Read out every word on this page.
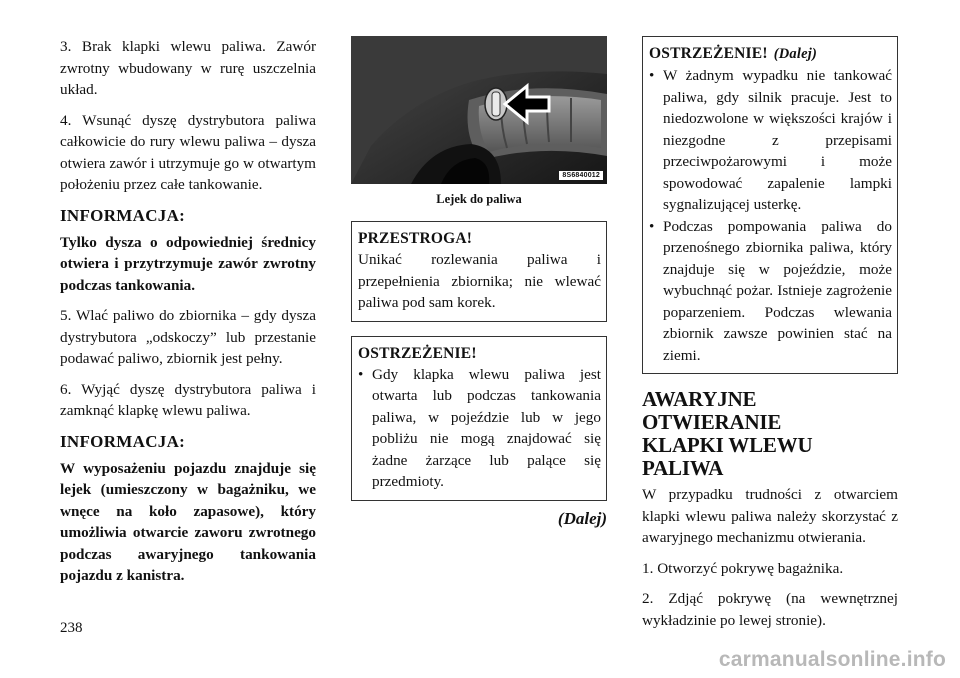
3. Brak klapki wlewu paliwa. Zawór zwrotny wbudowany w rurę uszczelnia układ.

4. Wsunąć dyszę dystrybutora paliwa całkowicie do rury wlewu paliwa – dysza otwiera zawór i utrzymuje go w otwartym położeniu przez całe tankowanie.

INFORMACJA:

Tylko dysza o odpowiedniej średnicy otwiera i przytrzymuje zawór zwrotny podczas tankowania.

5. Wlać paliwo do zbiornika – gdy dysza dystrybutora „odskoczy” lub przestanie podawać paliwo, zbiornik jest pełny.

6. Wyjąć dyszę dystrybutora paliwa i zamknąć klapkę wlewu paliwa.

INFORMACJA:

W wyposażeniu pojazdu znajduje się lejek (umieszczony w bagażniku, we wnęce na koło zapasowe), który umożliwia otwarcie zaworu zwrotnego podczas awaryjnego tankowania pojazdu z kanistra.

8S6840012
Lejek do paliwa
PRZESTROGA!

Unikać rozlewania paliwa i przepełnienia zbiornika; nie wlewać paliwa pod sam korek.

OSTRZEŻENIE!
• Gdy klapka wlewu paliwa jest otwarta lub podczas tankowania paliwa, w pojeździe lub w jego pobliżu nie mogą znajdować się żadne żarzące lub palące się przedmioty.
(Dalej)
OSTRZEŻENIE! (Dalej)
• W żadnym wypadku nie tankować paliwa, gdy silnik pracuje. Jest to niedozwolone w większości krajów i niezgodne z przepisami przeciwpożarowymi i może spowodować zapalenie lampki sygnalizującej usterkę.
• Podczas pompowania paliwa do przenośnego zbiornika paliwa, który znajduje się w pojeździe, może wybuchnąć pożar. Istnieje zagrożenie poparzeniem. Podczas wlewania zbiornik zawsze powinien stać na ziemi.
AWARYJNE OTWIERANIE
KLAPKI WLEWU PALIWA

W przypadku trudności z otwarciem klapki wlewu paliwa należy skorzystać z awaryjnego mechanizmu otwierania.

1. Otworzyć pokrywę bagażnika.

2. Zdjąć pokrywę (na wewnętrznej wykładzinie po lewej stronie).

238
carmanualsonline.info
